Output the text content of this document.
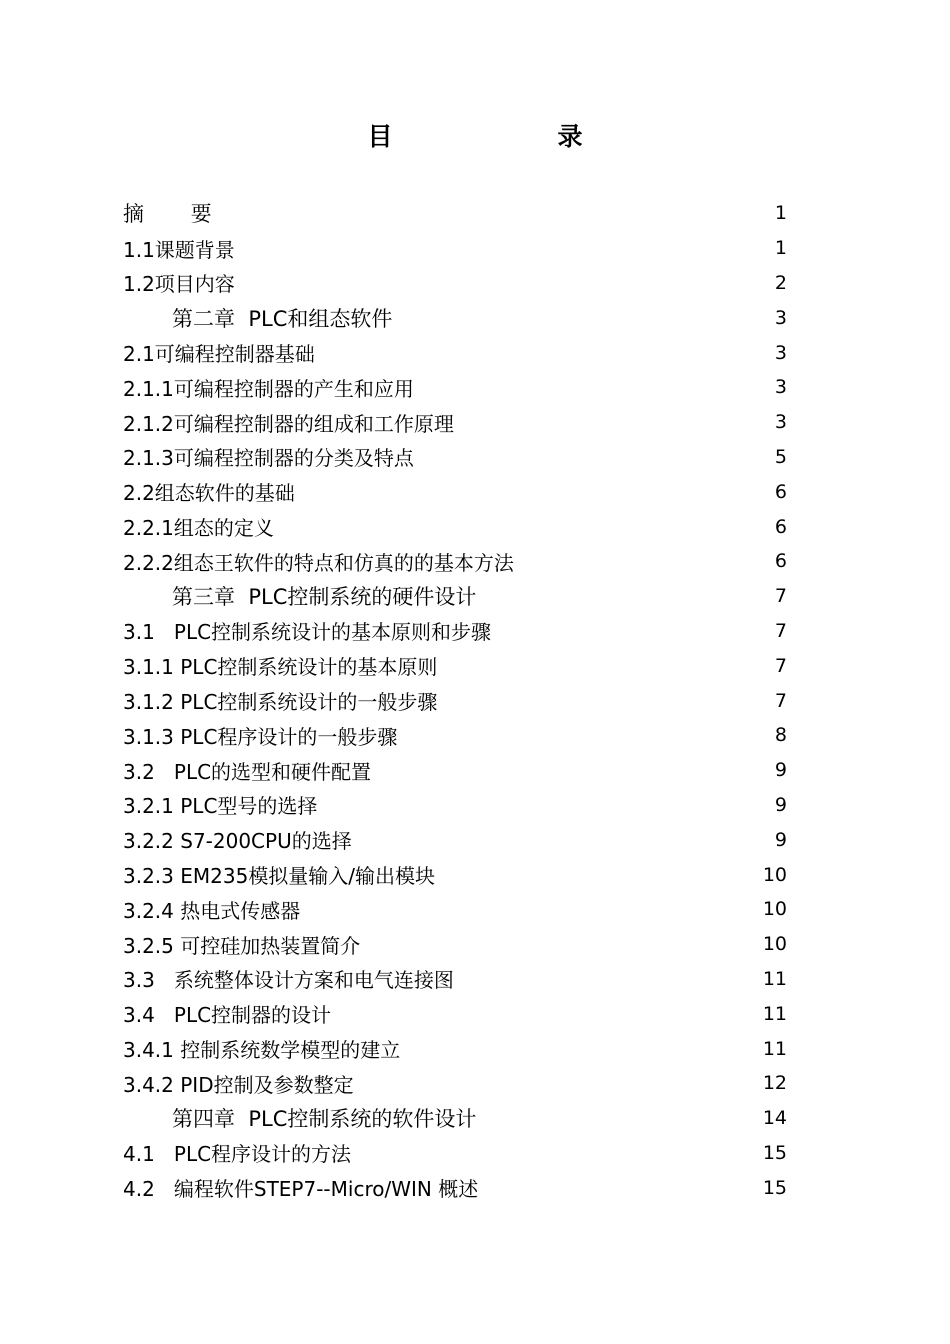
目　录
摘 要	1
1.1课题背景	1
1.2项目内容	2
第二章  PLC和组态软件	3
2.1可编程控制器基础	3
2.1.1可编程控制器的产生和应用	3
2.1.2可编程控制器的组成和工作原理	3
2.1.3可编程控制器的分类及特点	5
2.2组态软件的基础	6
2.2.1组态的定义	6
2.2.2组态王软件的特点和仿真的的基本方法	6
第三章  PLC控制系统的硬件设计	7
3.1   PLC控制系统设计的基本原则和步骤	7
3.1.1 PLC控制系统设计的基本原则	7
3.1.2 PLC控制系统设计的一般步骤	7
3.1.3 PLC程序设计的一般步骤	8
3.2   PLC的选型和硬件配置	9
3.2.1 PLC型号的选择	9
3.2.2 S7-200CPU的选择	9
3.2.3 EM235模拟量输入/输出模块	10
3.2.4 热电式传感器	10
3.2.5 可控硅加热装置简介	10
3.3   系统整体设计方案和电气连接图	11
3.4   PLC控制器的设计	11
3.4.1 控制系统数学模型的建立	11
3.4.2 PID控制及参数整定	12
第四章  PLC控制系统的软件设计	14
4.1   PLC程序设计的方法	15
4.2   编程软件STEP7--Micro/WIN 概述	15
